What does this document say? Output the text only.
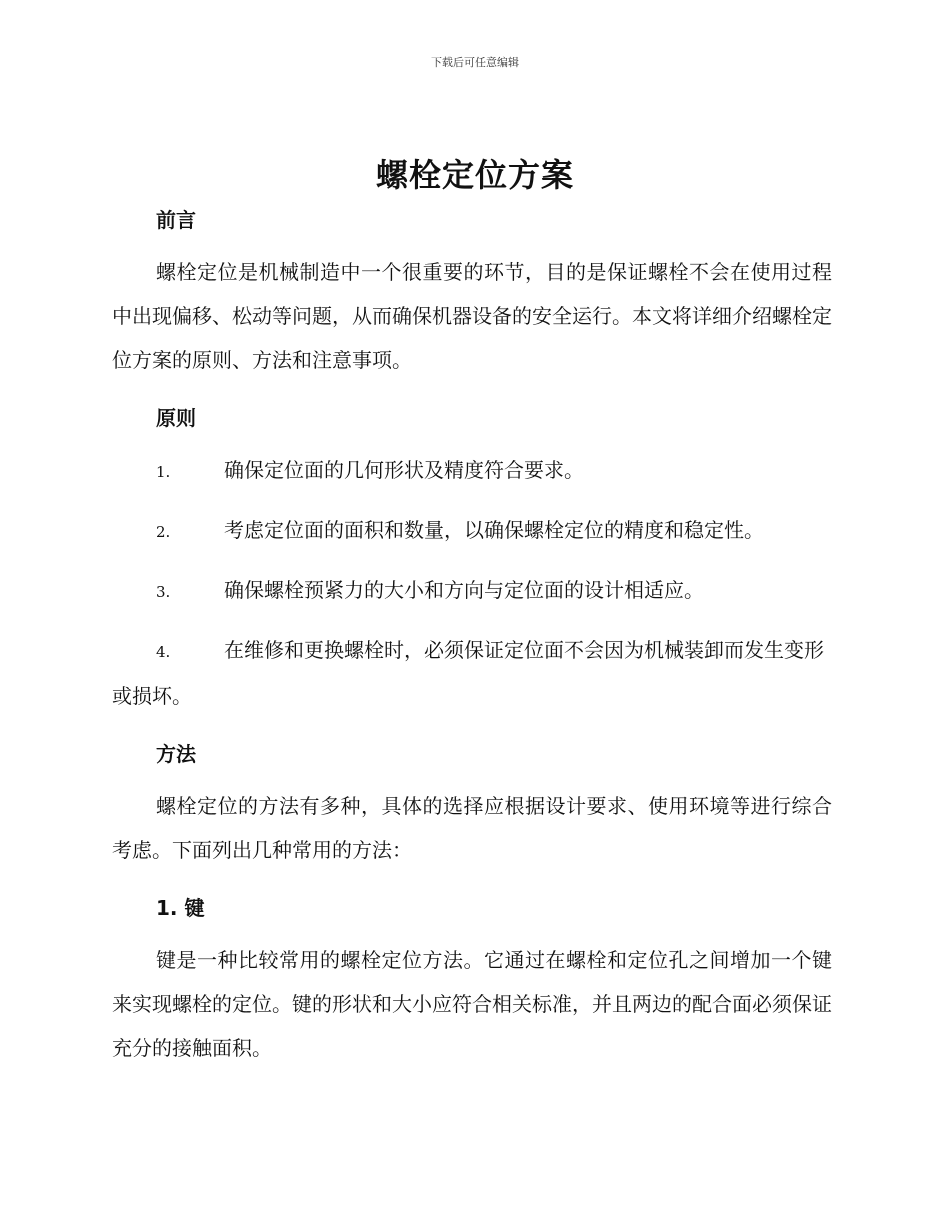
下载后可任意编辑
螺栓定位方案
前言

螺栓定位是机械制造中一个很重要的环节，目的是保证螺栓不会在使用过程中出现偏移、松动等问题，从而确保机器设备的安全运行。本文将详细介绍螺栓定位方案的原则、方法和注意事项。

原则
1.	确保定位面的几何形状及精度符合要求。
2.	考虑定位面的面积和数量，以确保螺栓定位的精度和稳定性。
3.	确保螺栓预紧力的大小和方向与定位面的设计相适应。
4.	在维修和更换螺栓时，必须保证定位面不会因为机械装卸而发生变形或损坏。
方法

螺栓定位的方法有多种，具体的选择应根据设计要求、使用环境等进行综合考虑。下面列出几种常用的方法：

1. 键

键是一种比较常用的螺栓定位方法。它通过在螺栓和定位孔之间增加一个键来实现螺栓的定位。键的形状和大小应符合相关标准，并且两边的配合面必须保证充分的接触面积。
